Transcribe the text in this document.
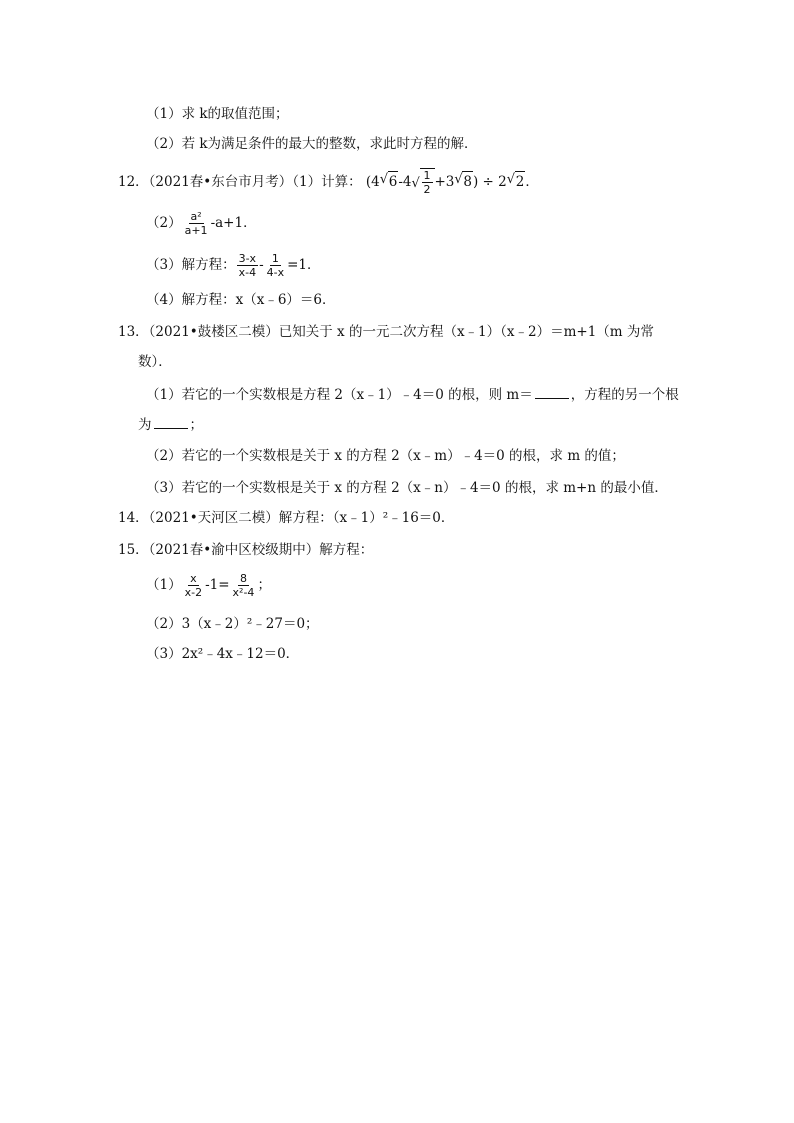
（1）求 k的取值范围；
（2）若 k为满足条件的最大的整数，求此时方程的解．
12．（2021春•东台市月考）（1）计算： (4 √ 6-4 √ $\frac{1}{2} +3$ √ 8) ÷ 2 √ 2．
$(2) \frac{\text{a²}}{a+1} -a+1$．
（3）解方程： $\frac{3-x}{x-4} - \frac{1}{4-x} =1$．
（4）解方程：x（x﹣6）＝6．
13．（2021•鼓楼区二模）已知关于 x 的一元二次方程（x﹣1）（x﹣2）＝m+1（m 为常
数）．
（1）若它的一个实数根是方程 2（x﹣1）﹣4＝0 的根，则 m＝	，方程的另一个根
为	；
（2）若它的一个实数根是关于 x 的方程 2（x﹣m）﹣4＝0 的根，求 m 的值；
（3）若它的一个实数根是关于 x 的方程 2（x﹣n）﹣4＝0 的根，求 m+n 的最小值．
14．（2021•天河区二模）解方程：（x﹣1）²﹣16＝0．
15．（2021春•渝中区校级期中）解方程：
$(1) \frac{x}{x-2} -1= \frac{8}{\text{x²-4}}$ ；
（2）3（x﹣2）²﹣27＝0；
（3）2x²﹣4x﹣12＝0．
